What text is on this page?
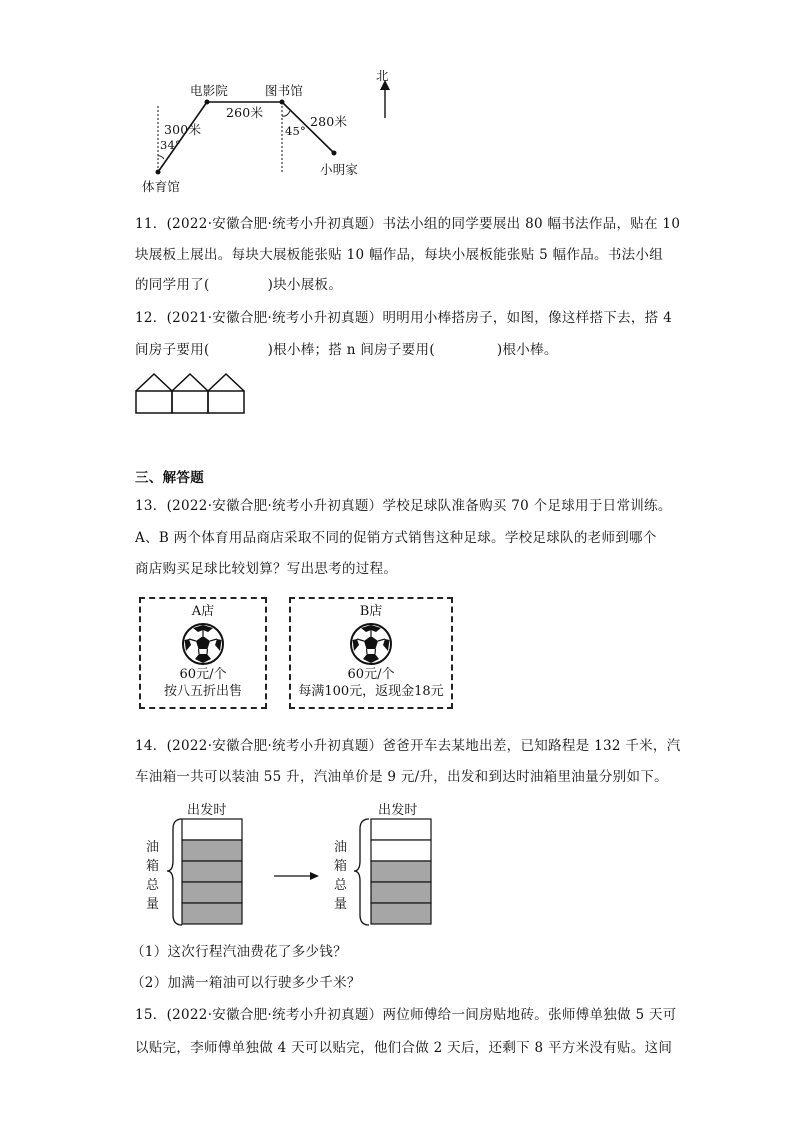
北
电影院	图书馆
260米
280米
300米	45°
34°
小明家
体育馆
11．(2022·安徽合肥·统考小升初真题）书法小组的同学要展出 80 幅书法作品，贴在 10
块展板上展出。每块大展板能张贴 10 幅作品，每块小展板能张贴 5 幅作品。书法小组
的同学用了(	)块小展板。
12．(2021·安徽合肥·统考小升初真题）明明用小棒搭房子，如图，像这样搭下去，搭 4
间房子要用(	)根小棒；搭 n 间房子要用(	)根小棒。
三、解答题
13．(2022·安徽合肥·统考小升初真题）学校足球队准备购买 70 个足球用于日常训练。
A、B 两个体育用品商店采取不同的促销方式销售这种足球。学校足球队的老师到哪个
商店购买足球比较划算？写出思考的过程。
A店
60元/个
按八五折出售
B店
60元/个
每满100元，返现金18元
14．(2022·安徽合肥·统考小升初真题）爸爸开车去某地出差，已知路程是 132 千米，汽
车油箱一共可以装油 55 升，汽油单价是 9 元/升，出发和到达时油箱里油量分别如下。
出发时	出发时
油箱总量
油箱总量
（1）这次行程汽油费花了多少钱？
（2）加满一箱油可以行驶多少千米？
15．(2022·安徽合肥·统考小升初真题）两位师傅给一间房贴地砖。张师傅单独做 5 天可
以贴完，李师傅单独做 4 天可以贴完，他们合做 2 天后，还剩下 8 平方米没有贴。这间
